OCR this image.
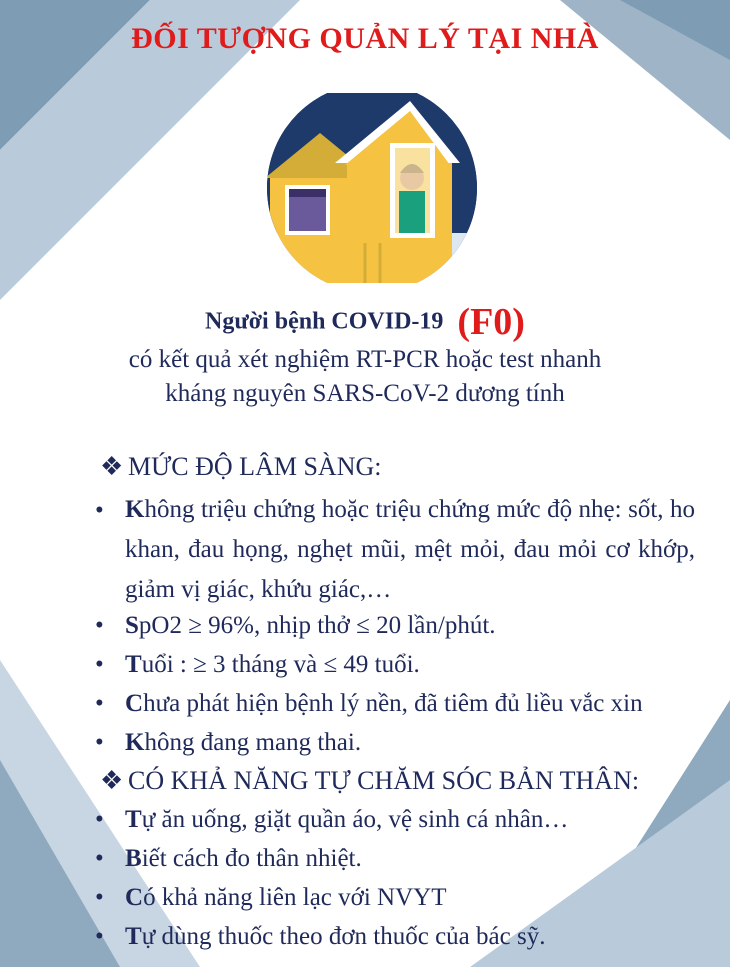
ĐỐI TƯỢNG QUẢN LÝ TẠI NHÀ
Người bệnh COVID-19 (F0)
có kết quả xét nghiệm RT-PCR hoặc test nhanh
kháng nguyên SARS-CoV-2 dương tính
❖ MỨC ĐỘ LÂM SÀNG:
• Không triệu chứng hoặc triệu chứng mức độ nhẹ: sốt, ho khan, đau họng, nghẹt mũi, mệt mỏi, đau mỏi cơ khớp, giảm vị giác, khứu giác,…
• SpO2 ≥ 96%, nhịp thở ≤ 20 lần/phút.
• Tuổi : ≥ 3 tháng và ≤ 49 tuổi.
• Chưa phát hiện bệnh lý nền, đã tiêm đủ liều vắc xin
• Không đang mang thai.
❖ CÓ KHẢ NĂNG TỰ CHĂM SÓC BẢN THÂN:
• Tự ăn uống, giặt quần áo, vệ sinh cá nhân…
• Biết cách đo thân nhiệt.
• Có khả năng liên lạc với NVYT
• Tự dùng thuốc theo đơn thuốc của bác sỹ.
